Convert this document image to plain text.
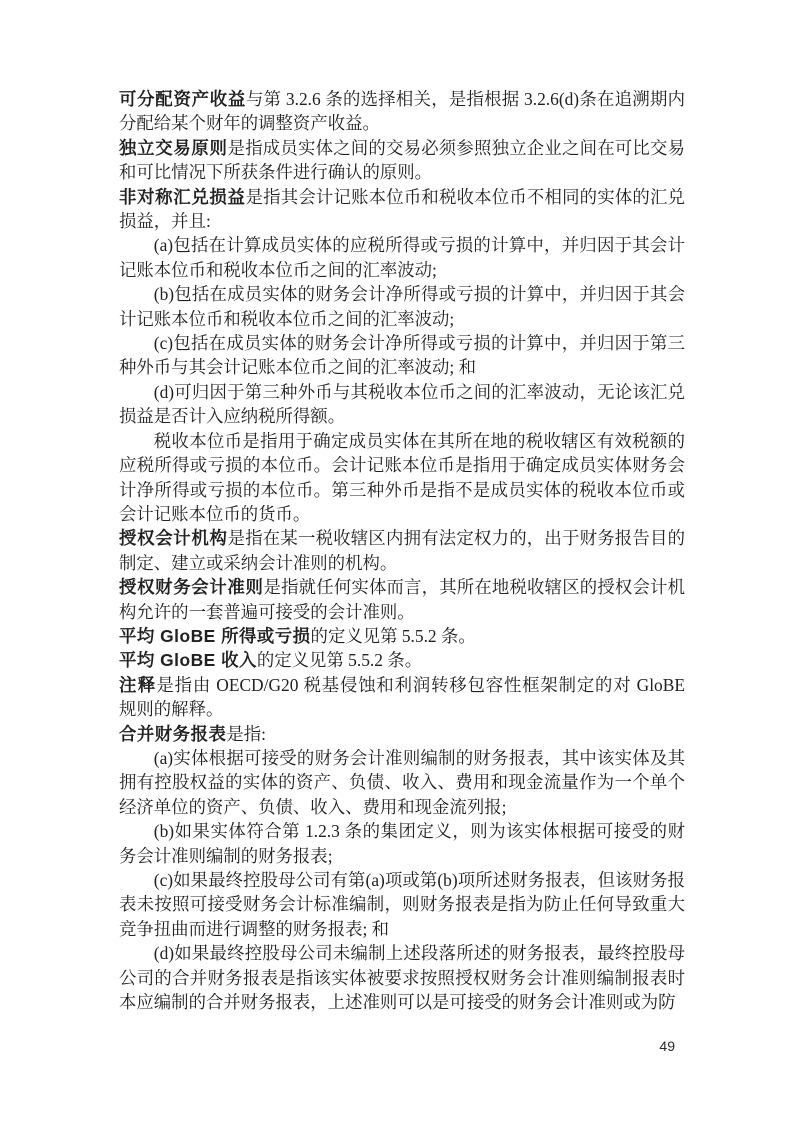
可分配资产收益与第 3.2.6 条的选择相关，是指根据 3.2.6(d)条在追溯期内分配给某个财年的调整资产收益。

独立交易原则是指成员实体之间的交易必须参照独立企业之间在可比交易和可比情况下所获条件进行确认的原则。

非对称汇兑损益是指其会计记账本位币和税收本位币不相同的实体的汇兑损益，并且:

(a)包括在计算成员实体的应税所得或亏损的计算中，并归因于其会计记账本位币和税收本位币之间的汇率波动;

(b)包括在成员实体的财务会计净所得或亏损的计算中，并归因于其会计记账本位币和税收本位币之间的汇率波动;

(c)包括在成员实体的财务会计净所得或亏损的计算中，并归因于第三种外币与其会计记账本位币之间的汇率波动; 和

(d)可归因于第三种外币与其税收本位币之间的汇率波动，无论该汇兑损益是否计入应纳税所得额。

税收本位币是指用于确定成员实体在其所在地的税收辖区有效税额的应税所得或亏损的本位币。会计记账本位币是指用于确定成员实体财务会计净所得或亏损的本位币。第三种外币是指不是成员实体的税收本位币或会计记账本位币的货币。

授权会计机构是指在某一税收辖区内拥有法定权力的，出于财务报告目的制定、建立或采纳会计准则的机构。

授权财务会计准则是指就任何实体而言，其所在地税收辖区的授权会计机构允许的一套普遍可接受的会计准则。

平均 GloBE 所得或亏损的定义见第 5.5.2 条。

平均 GloBE 收入的定义见第 5.5.2 条。

注释是指由 OECD/G20 税基侵蚀和利润转移包容性框架制定的对 GloBE 规则的解释。

合并财务报表是指:

(a)实体根据可接受的财务会计准则编制的财务报表，其中该实体及其拥有控股权益的实体的资产、负债、收入、费用和现金流量作为一个单个经济单位的资产、负债、收入、费用和现金流列报;

(b)如果实体符合第 1.2.3 条的集团定义，则为该实体根据可接受的财务会计准则编制的财务报表;

(c)如果最终控股母公司有第(a)项或第(b)项所述财务报表，但该财务报表未按照可接受财务会计标准编制，则财务报表是指为防止任何导致重大竞争扭曲而进行调整的财务报表; 和

(d)如果最终控股母公司未编制上述段落所述的财务报表，最终控股母公司的合并财务报表是指该实体被要求按照授权财务会计准则编制报表时本应编制的合并财务报表，上述准则可以是可接受的财务会计准则或为防

49
